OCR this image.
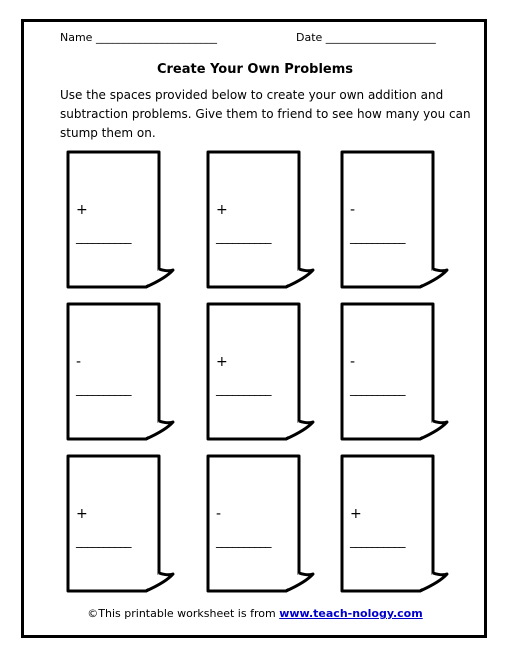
Name ______________________	Date ____________________
Create Your Own Problems
Use the spaces provided below to create your own addition and subtraction problems. Give them to friend to see how many you can stump them on.
+
__________
+
__________
-
__________
-
__________
+
__________
-
__________
+
__________
-
__________
+
__________
©This printable worksheet is from www.teach-nology.com
